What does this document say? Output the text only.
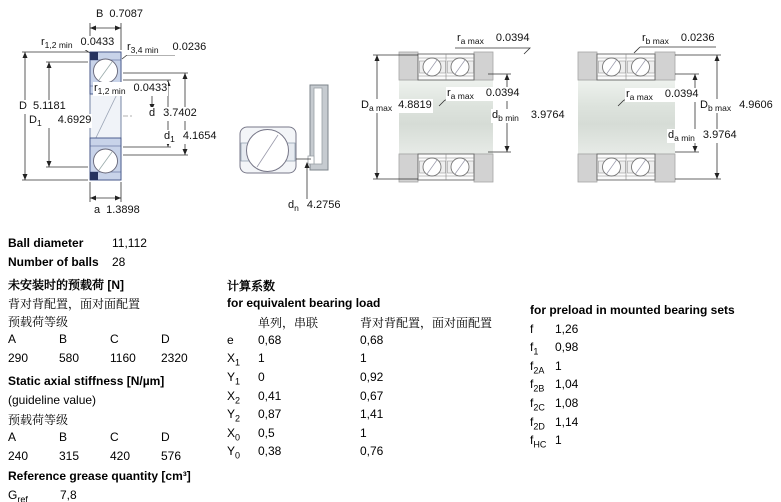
B 0.7087
$r_{1,2 min}$ 0.0433 $r_{3,4 min}$ 0.0236
D 5.1181
$D_1$ 4.6929
$r_{1,2 min}$ 0.0433
d 3.7402
$d_1$ 4.1654
a 1.3898	$d_n$ 4.2756
$r_{a max}$ 0.0394
$D_{a max}$ 4.8819
$r_{a max}$ 0.0394
$d_{b min}$ 3.9764
$r_{b max}$ 0.0236
$r_{a max}$ 0.0394
$D_{b max}$ 4.9606
$d_{a min}$ 3.9764
Ball diameter	11,112
Number of balls	28
未安装时的预载荷 [N]
背对背配置，面对面配置
预载荷等级
A	B	C	D
290	580	1160	2320
Static axial stiffness [N/µm]
(guideline value)
预载荷等级
A	B	C	D
240	315	420	576
Reference grease quantity [cm³]
$G_{ref}$	7,8
计算系数
for equivalent bearing load
单列，串联	背对背配置，面对面配置
e	0,68	0,68
$X_1$	1	1
$Y_1$	0	0,92
$X_2$	0,41	0,67
$Y_2$	0,87	1,41
$X_0$	0,5	1
$Y_0$	0,38	0,76
for preload in mounted bearing sets
f	1,26
$f_1$	0,98
$f_{2A}$ 1
$f_{2B}$ 1,04
$f_{2C}$ 1,08
$f_{2D}$ 1,14
$f_{HC}$ 1
